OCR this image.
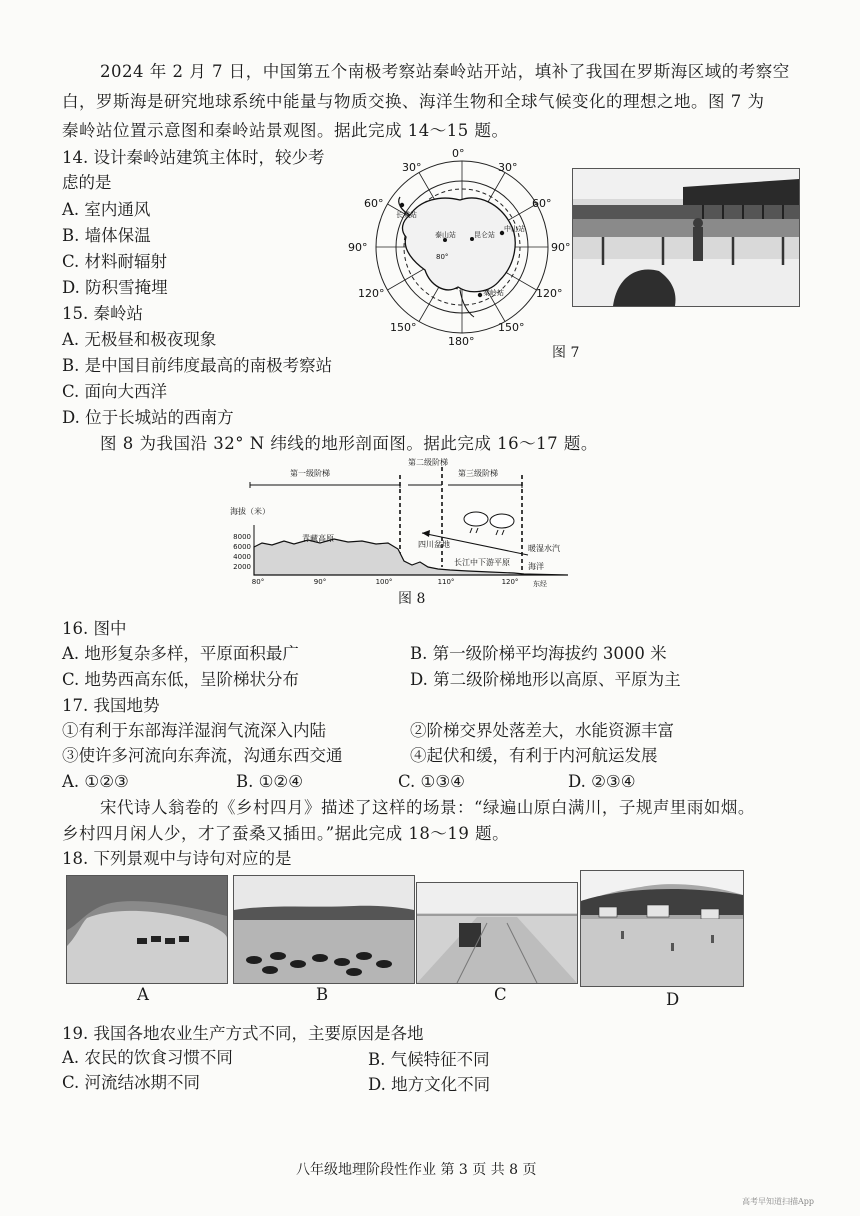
2024 年 2 月 7 日，中国第五个南极考察站秦岭站开站，填补了我国在罗斯海区域的考察空
白，罗斯海是研究地球系统中能量与物质交换、海洋生物和全球气候变化的理想之地。图 7 为
秦岭站位置示意图和秦岭站景观图。据此完成 14～15 题。
14. 设计秦岭站建筑主体时，较少考
虑的是
A. 室内通风
B. 墙体保温
C. 材料耐辐射
D. 防积雪掩埋
15. 秦岭站
A. 无极昼和极夜现象
B. 是中国目前纬度最高的南极考察站
C. 面向大西洋
D. 位于长城站的西南方
长城站
秦岭站
中山站
昆仑站
泰山站
80°
0°
30°
60°
90°
120°
150°
180°
150°
120°
90°
60°
30°
图 7
图 8 为我国沿 32° N 纬线的地形剖面图。据此完成 16～17 题。
第一级阶梯
第二级阶梯
第三级阶梯
海拔（米）
8000
6000
4000
2000
青藏高原
四川盆地
长江中下游平原 海洋
暖湿水汽
80°	90°	100°	110°	120° 东经
图 8
16. 图中
A. 地形复杂多样，平原面积最广	B. 第一级阶梯平均海拔约 3000 米
C. 地势西高东低，呈阶梯状分布	D. 第二级阶梯地形以高原、平原为主
17. 我国地势
①有利于东部海洋湿润气流深入内陆	②阶梯交界处落差大，水能资源丰富
③使许多河流向东奔流，沟通东西交通	④起伏和缓，有利于内河航运发展
A. ①②③	B. ①②④	C. ①③④	D. ②③④
宋代诗人翁卷的《乡村四月》描述了这样的场景：“绿遍山原白满川，子规声里雨如烟。
乡村四月闲人少，才了蚕桑又插田。”据此完成 18～19 题。
18. 下列景观中与诗句对应的是
A	B	C	D
19. 我国各地农业生产方式不同，主要原因是各地
A. 农民的饮食习惯不同	B. 气候特征不同
C. 河流结冰期不同	D. 地方文化不同
八年级地理阶段性作业 第 3 页 共 8 页
高考早知道扫描App
